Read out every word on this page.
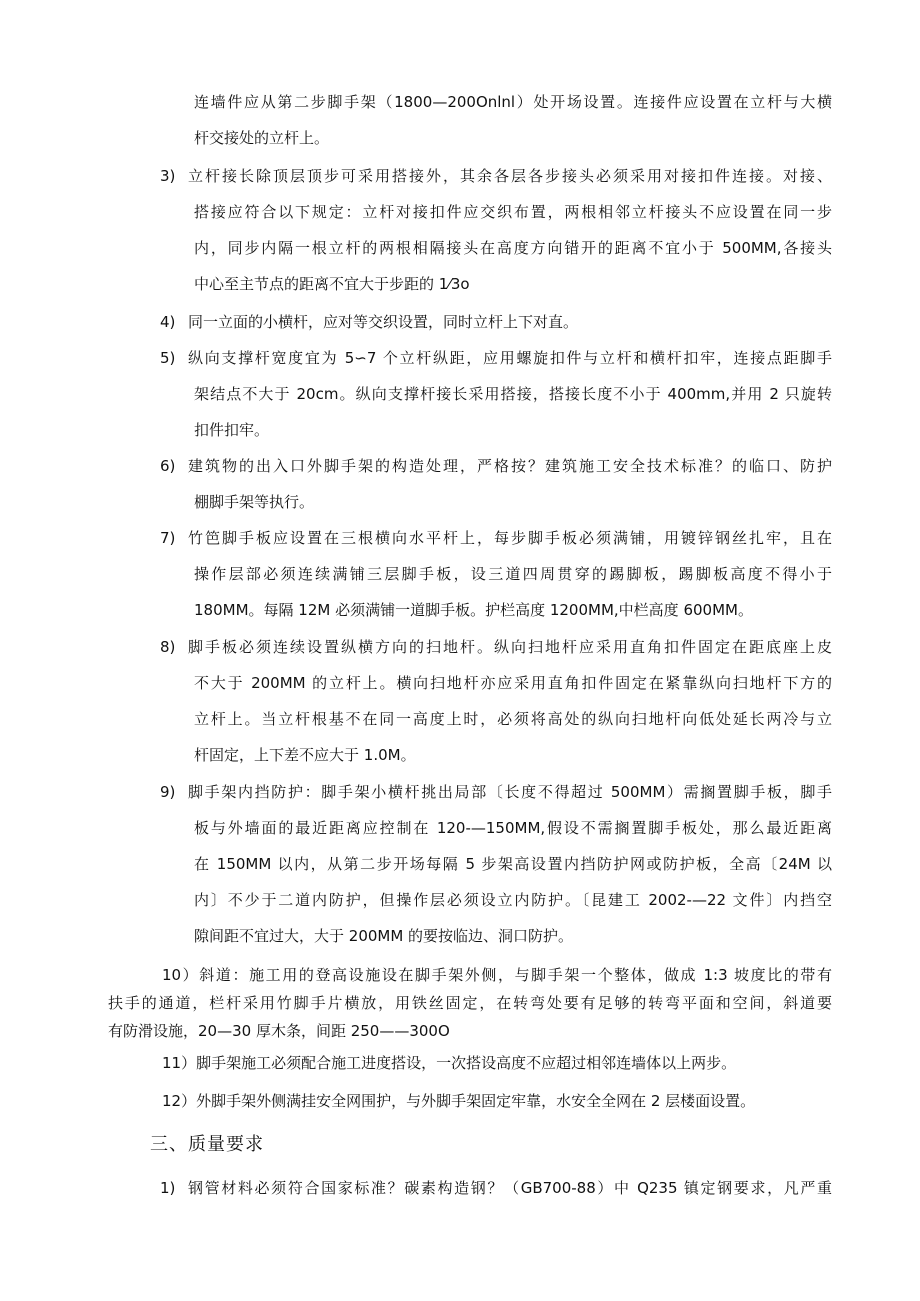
连墙件应从第二步脚手架（1800—200Onlnl）处开场设置。连接件应设置在立杆与大横
杆交接处的立杆上。
3) 立杆接长除顶层顶步可采用搭接外，其余各层各步接头必须采用对接扣件连接。对接、
搭接应符合以下规定：立杆对接扣件应交织布置，两根相邻立杆接头不应设置在同一步
内，同步内隔一根立杆的两根相隔接头在高度方向错开的距离不宜小于 500MM,各接头
中心至主节点的距离不宜大于步距的 1⁄3o
4) 同一立面的小横杆，应对等交织设置，同时立杆上下对直。
5) 纵向支撑杆宽度宜为 5∽7 个立杆纵距，应用螺旋扣件与立杆和横杆扣牢，连接点距脚手
架结点不大于 20cm。纵向支撑杆接长采用搭接，搭接长度不小于 400mm,并用 2 只旋转
扣件扣牢。
6) 建筑物的出入口外脚手架的构造处理，严格按？建筑施工安全技术标准？的临口、防护
棚脚手架等执行。
7) 竹笆脚手板应设置在三根横向水平杆上，每步脚手板必须满铺，用镀锌钢丝扎牢，且在
操作层部必须连续满铺三层脚手板，设三道四周贯穿的踢脚板，踢脚板高度不得小于
180MM。每隔 12M 必须满铺一道脚手板。护栏高度 1200MM,中栏高度 600MM。
8) 脚手板必须连续设置纵横方向的扫地杆。纵向扫地杆应采用直角扣件固定在距底座上皮
不大于 200MM 的立杆上。横向扫地杆亦应采用直角扣件固定在紧靠纵向扫地杆下方的
立杆上。当立杆根基不在同一高度上时，必须将高处的纵向扫地杆向低处延长两冷与立
杆固定，上下差不应大于 1.0M。
9) 脚手架内挡防护：脚手架小横杆挑出局部〔长度不得超过 500MM）需搁置脚手板，脚手
板与外墙面的最近距离应控制在 120-—150MM,假设不需搁置脚手板处，那么最近距离
在 150MM 以内，从第二步开场每隔 5 步架高设置内挡防护网或防护板，全高〔24M 以
内〕不少于二道内防护，但操作层必须设立内防护。〔昆建工 2002-—22 文件〕内挡空
隙间距不宜过大，大于 200MM 的要按临边、洞口防护。
10）斜道：施工用的登高设施设在脚手架外侧，与脚手架一个整体，做成 1:3 坡度比的带有
扶手的通道，栏杆采用竹脚手片横放，用铁丝固定，在转弯处要有足够的转弯平面和空间，斜道要
有防滑设施，20—30 厚木条，间距 250——300O
11）脚手架施工必须配合施工进度搭设，一次搭设高度不应超过相邻连墙体以上两步。
12）外脚手架外侧满挂安全网围护，与外脚手架固定牢靠，水安全全网在 2 层楼面设置。
三、质量要求
1) 钢管材料必须符合国家标准？碳素构造钢？（GB700-88）中 Q235 镇定钢要求，凡严重
